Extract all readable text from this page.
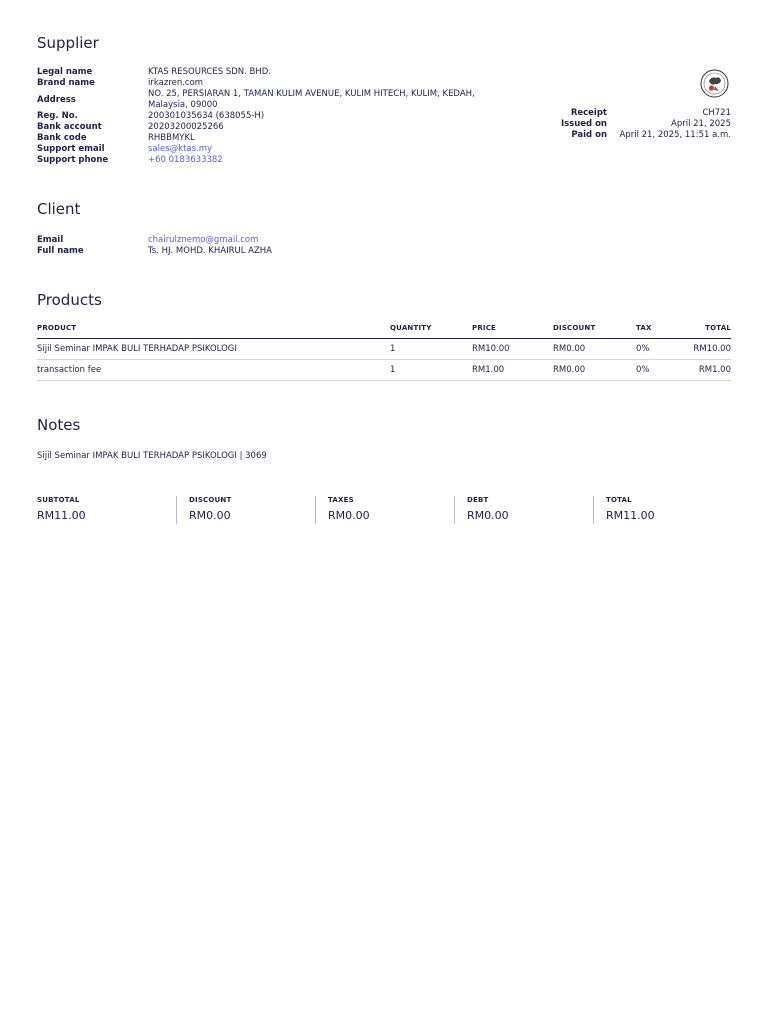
Supplier
Legal name	KTAS RESOURCES SDN. BHD.
Brand name	irkazren.com
Address
NO. 25, PERSIARAN 1, TAMAN KULIM AVENUE, KULIM HITECH, KULIM, KEDAH, Malaysia, 09000
Reg. No.	200301035634 (638055-H)
Bank account	20203200025266
Bank code	RHBBMYKL
Support email	sales@ktas.my
Support phone	+60 0183633382
Receipt	CH721
Issued on	April 21, 2025
Paid on April 21, 2025, 11:51 a.m.
Client
Email	chairulznemo@gmail.com
Full name	Ts. HJ. MOHD. KHAIRUL AZHA
Products
PRODUCT	QUANTITY	PRICE	DISCOUNT	TAX	TOTAL
Sijil Seminar IMPAK BULI TERHADAP PSIKOLOGI	1	RM10.00	RM0.00	0%	RM10.00
transaction fee	1	RM1.00	RM0.00	0%	RM1.00
Notes
Sijil Seminar IMPAK BULI TERHADAP PSIKOLOGI | 3069
SUBTOTAL
RM11.00
DISCOUNT
RM0.00
TAXES
RM0.00
DEBT
RM0.00
TOTAL
RM11.00
